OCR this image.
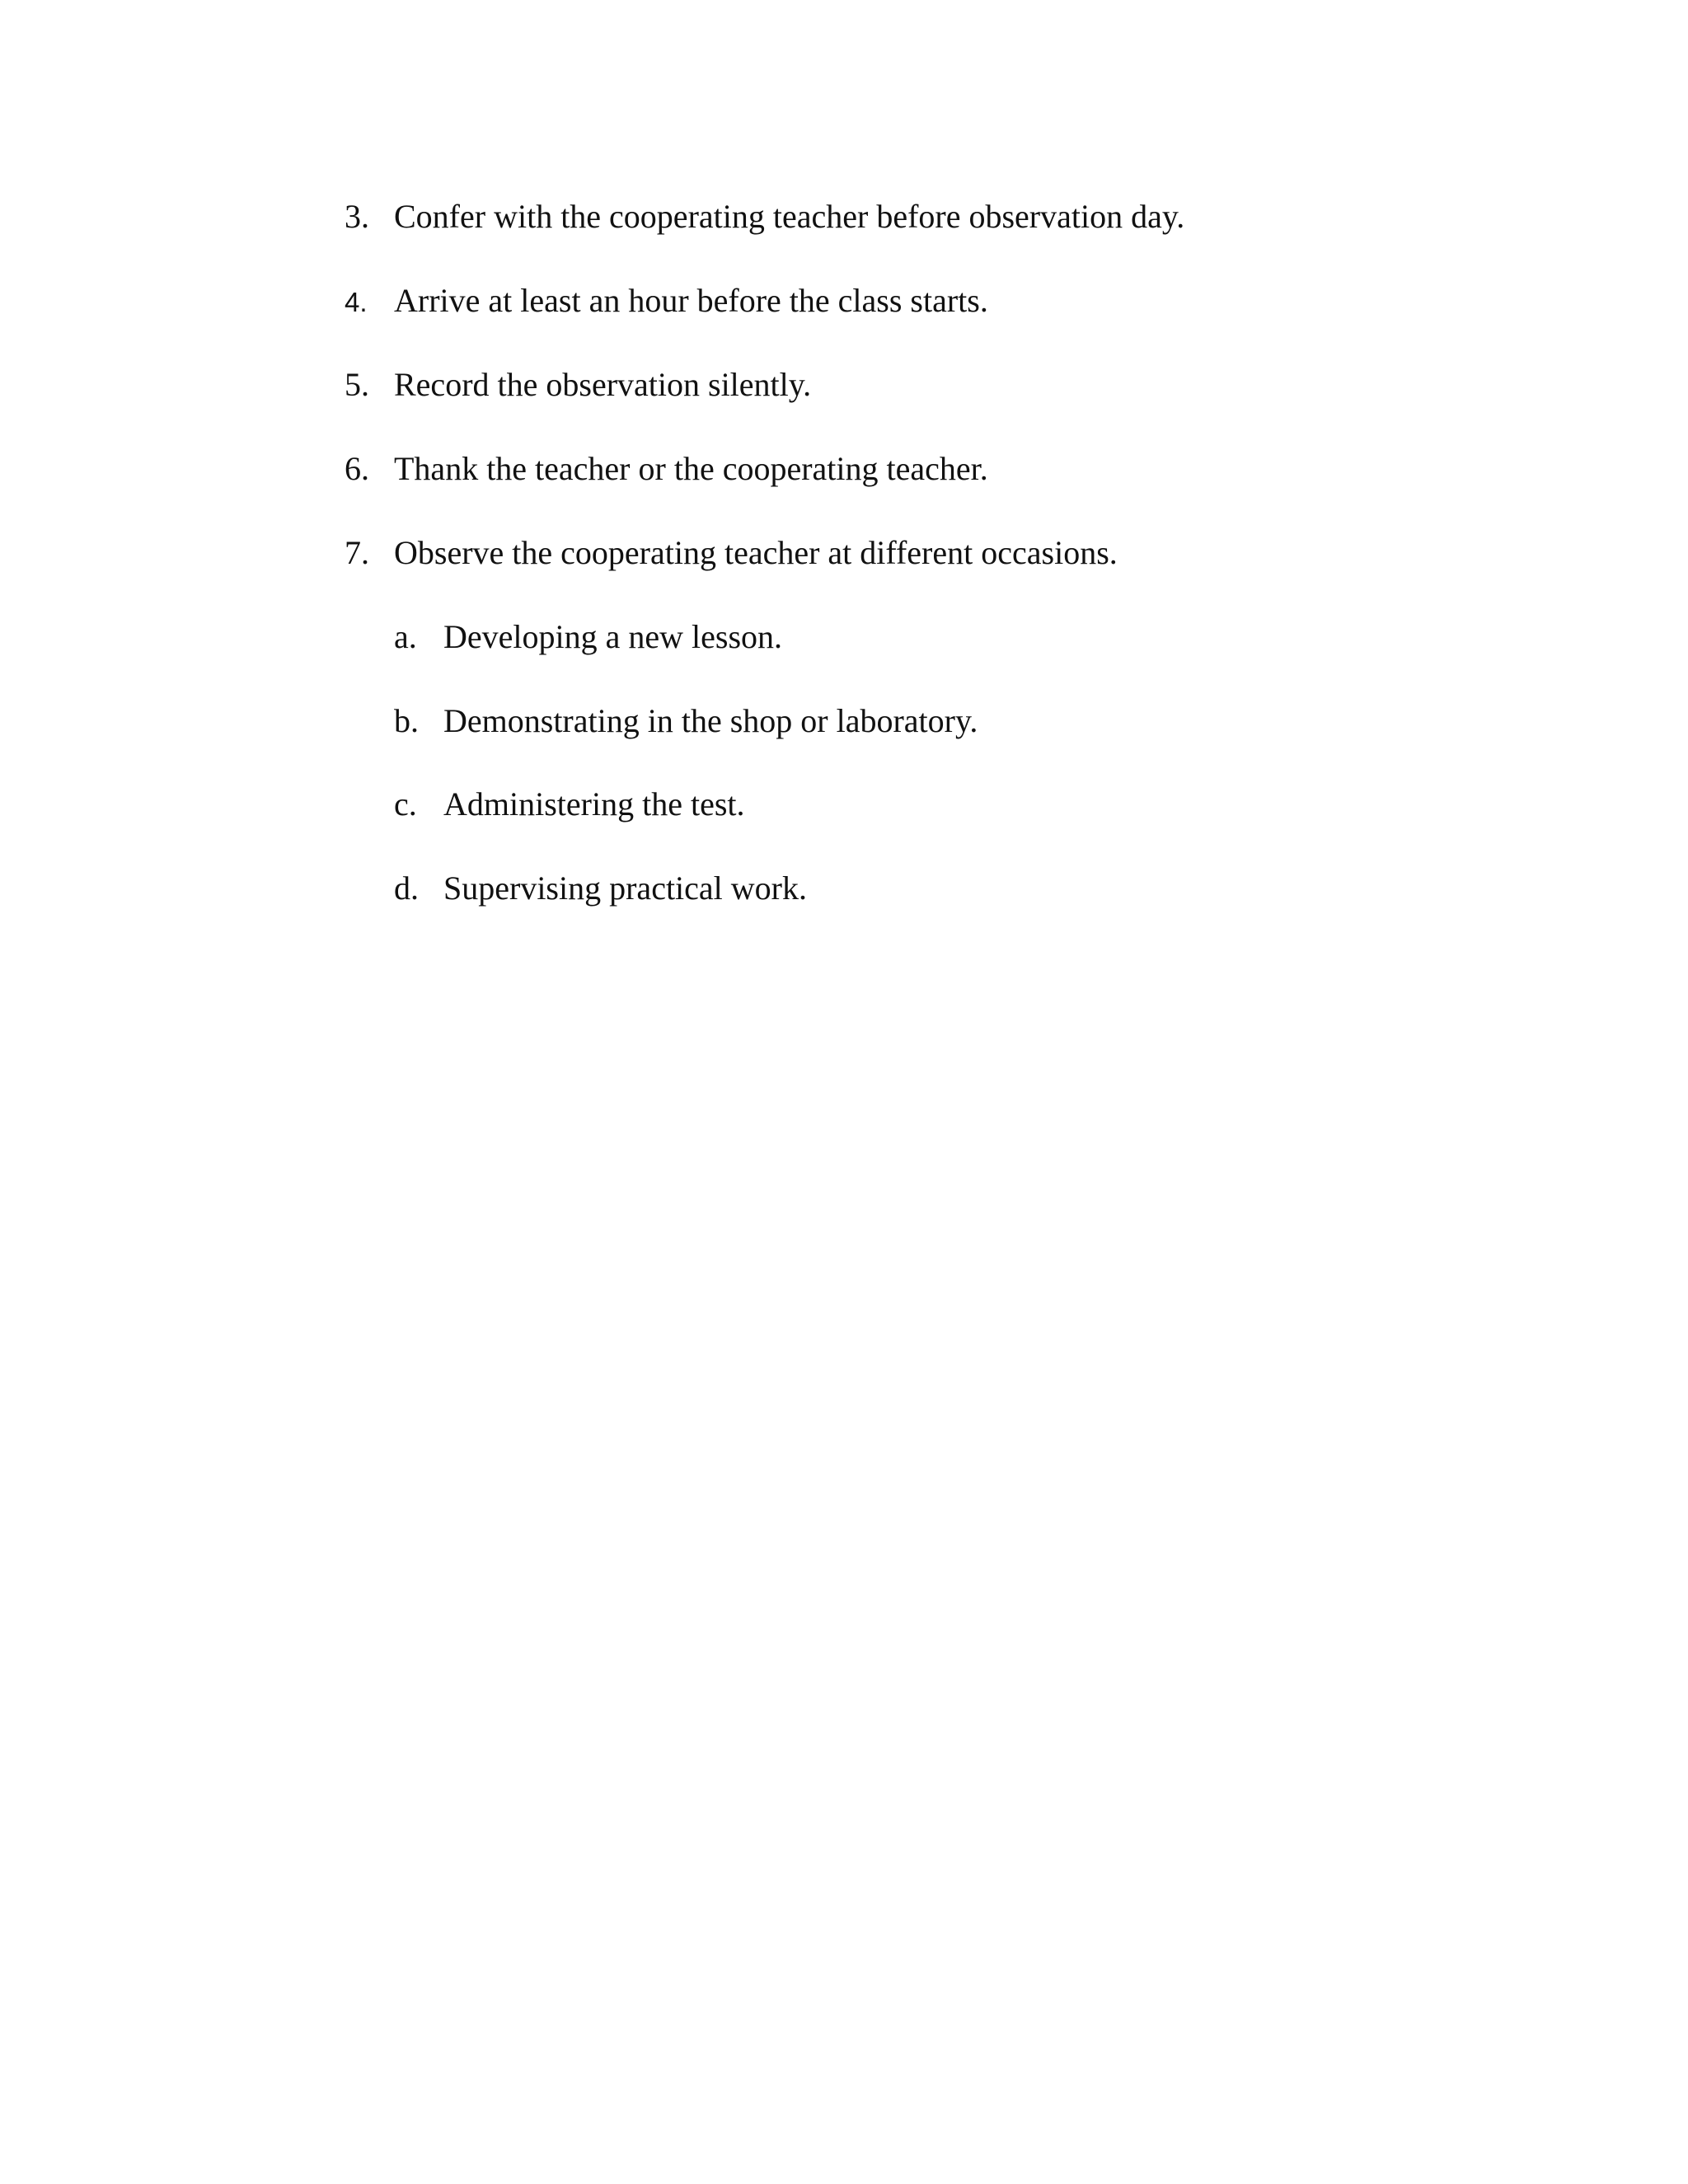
3. Confer with the cooperating teacher before observation day.
4. Arrive at least an hour before the class starts.
5. Record the observation silently.
6. Thank the teacher or the cooperating teacher.
7. Observe the cooperating teacher at different occasions.
a. Developing a new lesson.
b. Demonstrating in the shop or laboratory.
c. Administering the test.
d. Supervising practical work.
